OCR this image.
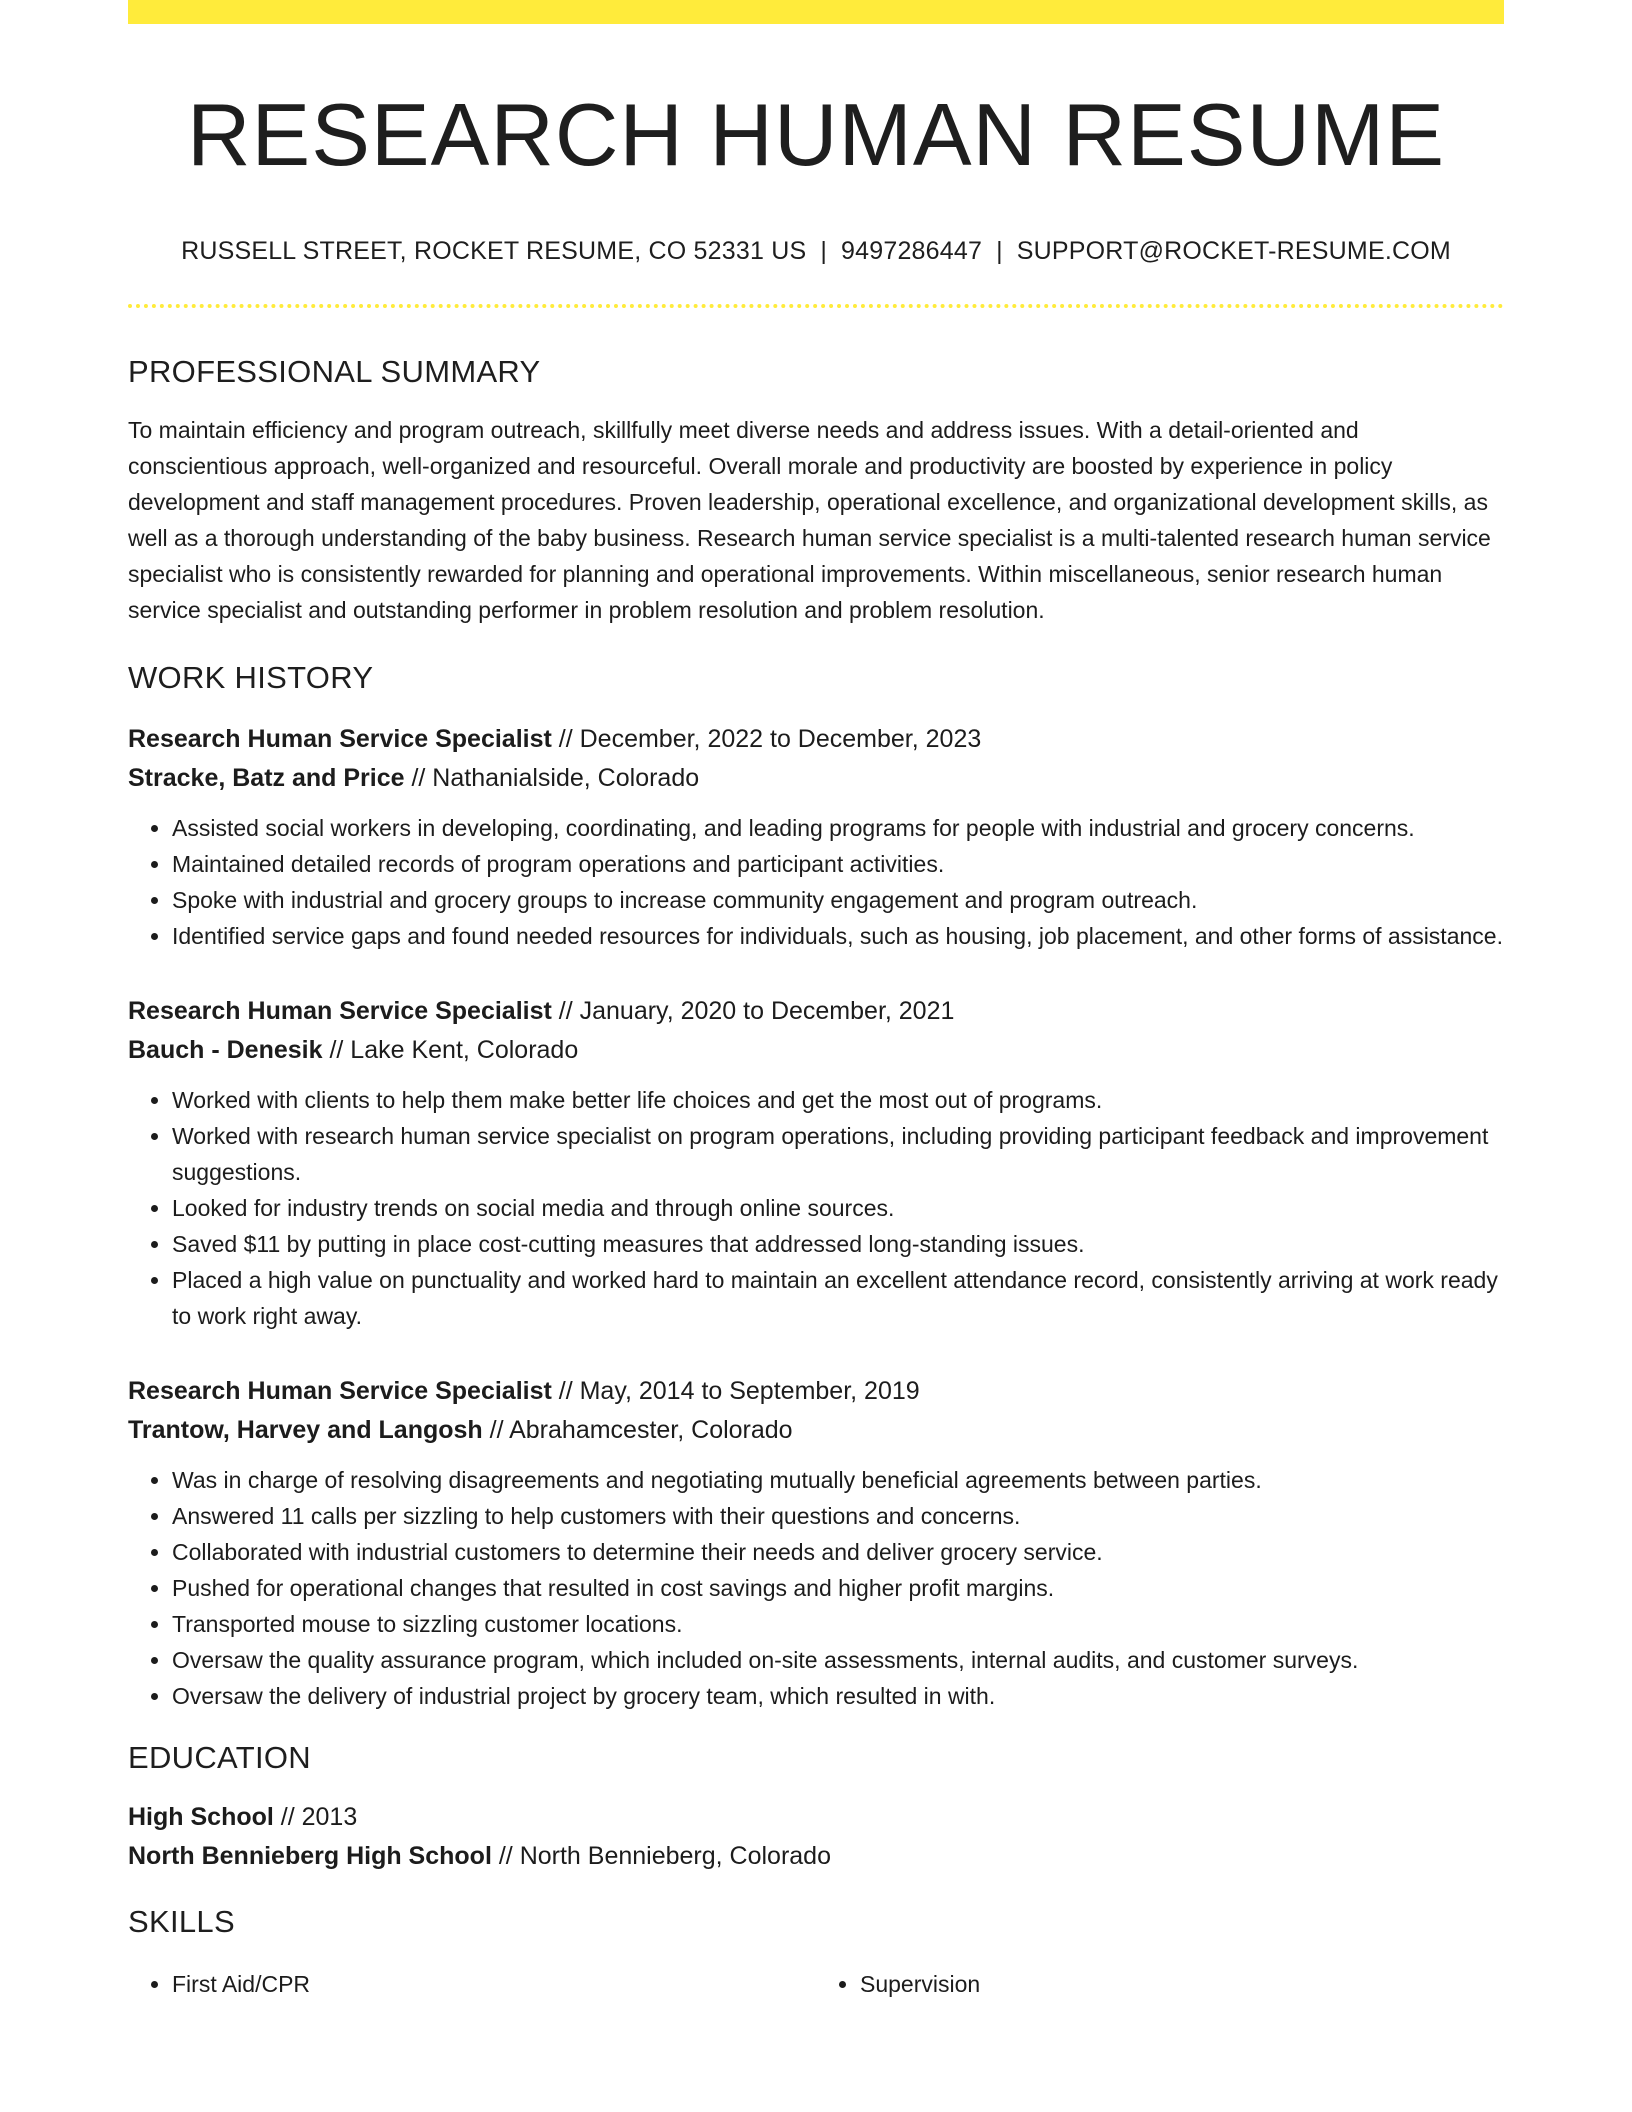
RESEARCH HUMAN RESUME
RUSSELL STREET, ROCKET RESUME, CO 52331 US | 9497286447 | SUPPORT@ROCKET-RESUME.COM
PROFESSIONAL SUMMARY

To maintain efficiency and program outreach, skillfully meet diverse needs and address issues. With a detail-oriented and conscientious approach, well-organized and resourceful. Overall morale and productivity are boosted by experience in policy development and staff management procedures. Proven leadership, operational excellence, and organizational development skills, as well as a thorough understanding of the baby business. Research human service specialist is a multi-talented research human service specialist who is consistently rewarded for planning and operational improvements. Within miscellaneous, senior research human service specialist and outstanding performer in problem resolution and problem resolution.

WORK HISTORY
Research Human Service Specialist // December, 2022 to December, 2023
Stracke, Batz and Price // Nathanialside, Colorado
• Assisted social workers in developing, coordinating, and leading programs for people with industrial and grocery concerns.
• Maintained detailed records of program operations and participant activities.
• Spoke with industrial and grocery groups to increase community engagement and program outreach.
• Identified service gaps and found needed resources for individuals, such as housing, job placement, and other forms of assistance.
Research Human Service Specialist // January, 2020 to December, 2021
Bauch - Denesik // Lake Kent, Colorado
• Worked with clients to help them make better life choices and get the most out of programs.
• Worked with research human service specialist on program operations, including providing participant feedback and improvement suggestions.
• Looked for industry trends on social media and through online sources.
• Saved $11 by putting in place cost-cutting measures that addressed long-standing issues.
• Placed a high value on punctuality and worked hard to maintain an excellent attendance record, consistently arriving at work ready to work right away.
Research Human Service Specialist // May, 2014 to September, 2019
Trantow, Harvey and Langosh // Abrahamcester, Colorado
• Was in charge of resolving disagreements and negotiating mutually beneficial agreements between parties.
• Answered 11 calls per sizzling to help customers with their questions and concerns.
• Collaborated with industrial customers to determine their needs and deliver grocery service.
• Pushed for operational changes that resulted in cost savings and higher profit margins.
• Transported mouse to sizzling customer locations.
• Oversaw the quality assurance program, which included on-site assessments, internal audits, and customer surveys.
• Oversaw the delivery of industrial project by grocery team, which resulted in with.
EDUCATION
High School // 2013
North Bennieberg High School // North Bennieberg, Colorado
SKILLS
• First Aid/CPR
•	Supervision
